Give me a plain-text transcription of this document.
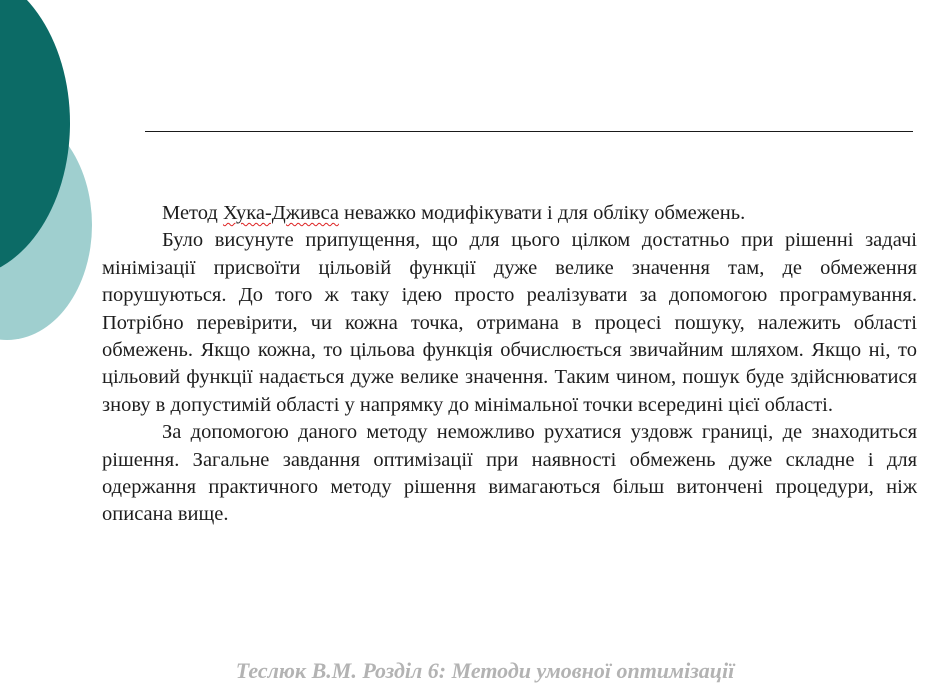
Метод Хука-Дживса неважко модифікувати і для обліку обмежень.

Було висунуте припущення, що для цього цілком достатньо при рішенні задачі мінімізації присвоїти цільовій функції дуже велике значення там, де обмеження порушуються. До того ж таку ідею просто реалізувати за допомогою програмування. Потрібно перевірити, чи кожна точка, отримана в процесі пошуку, належить області обмежень. Якщо кожна, то цільова функція обчислюється звичайним шляхом. Якщо ні, то цільовий функції надається дуже велике значення. Таким чином, пошук буде здійснюватися знову в допустимій області у напрямку до мінімальної точки всередині цієї області.

За допомогою даного методу неможливо рухатися уздовж границі, де знаходиться рішення. Загальне завдання оптимізації при наявності обмежень дуже складне і для одержання практичного методу рішення вимагаються більш витончені процедури, ніж описана вище.

Теслюк В.М. Розділ 6: Методи умовної оптимізації
